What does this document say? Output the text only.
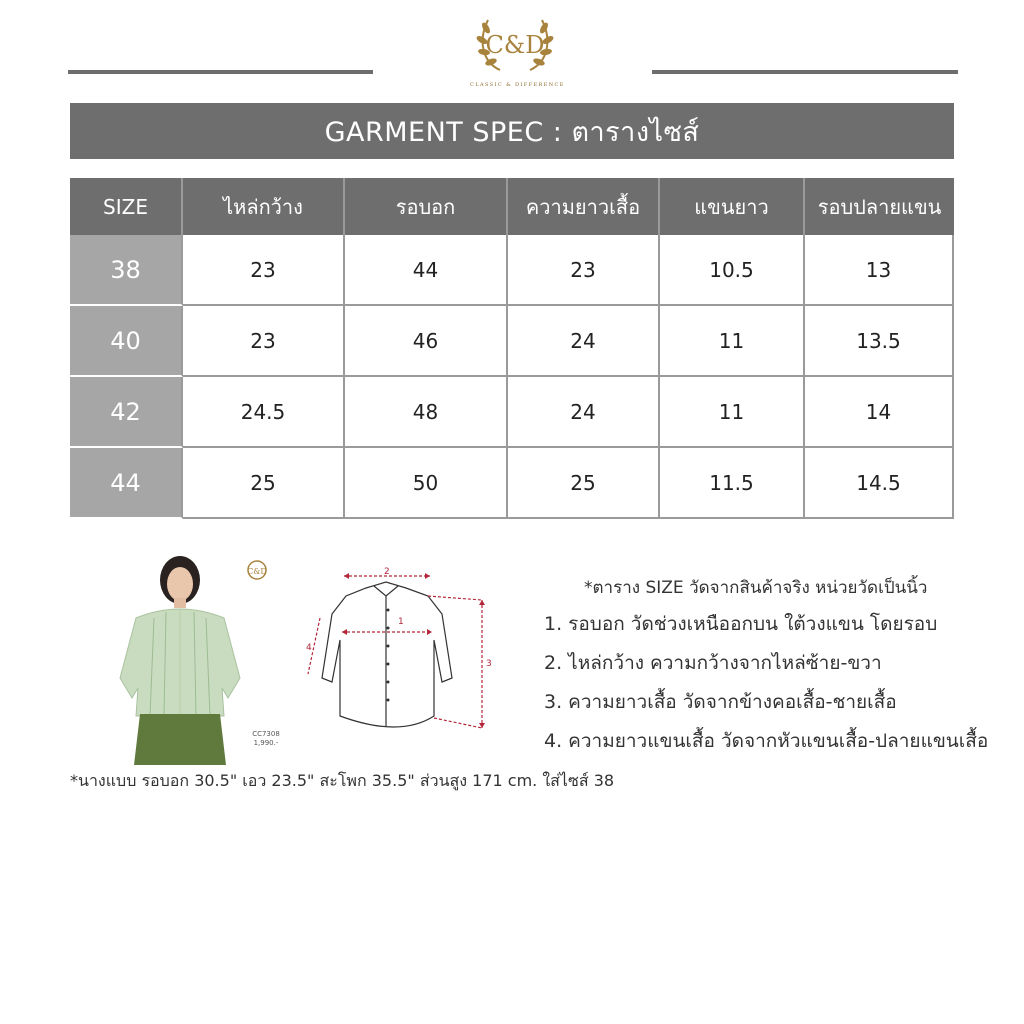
C&D
CLASSIC & DIFFERENCE
GARMENT SPEC : ตารางไซส์
SIZE	ไหล่กว้าง	รอบอก	ความยาวเสื้อ	แขนยาว	รอบปลายแขน
38	23	44	23	10.5	13
40	23	46	24	11	13.5
42	24.5	48	24	11	14
44	25	50	25	11.5	14.5
C&D
CC7308
1,990.-
1
2
3
4
*ตาราง SIZE วัดจากสินค้าจริง หน่วยวัดเป็นนิ้ว
1. รอบอก วัดช่วงเหนืออกบน ใต้วงแขน โดยรอบ
2. ไหล่กว้าง ความกว้างจากไหล่ซ้าย-ขวา
3. ความยาวเสื้อ วัดจากข้างคอเสื้อ-ชายเสื้อ
4. ความยาวแขนเสื้อ วัดจากหัวแขนเสื้อ-ปลายแขนเสื้อ
*นางแบบ รอบอก 30.5" เอว 23.5" สะโพก 35.5" ส่วนสูง 171 cm. ใส่ไซส์ 38
